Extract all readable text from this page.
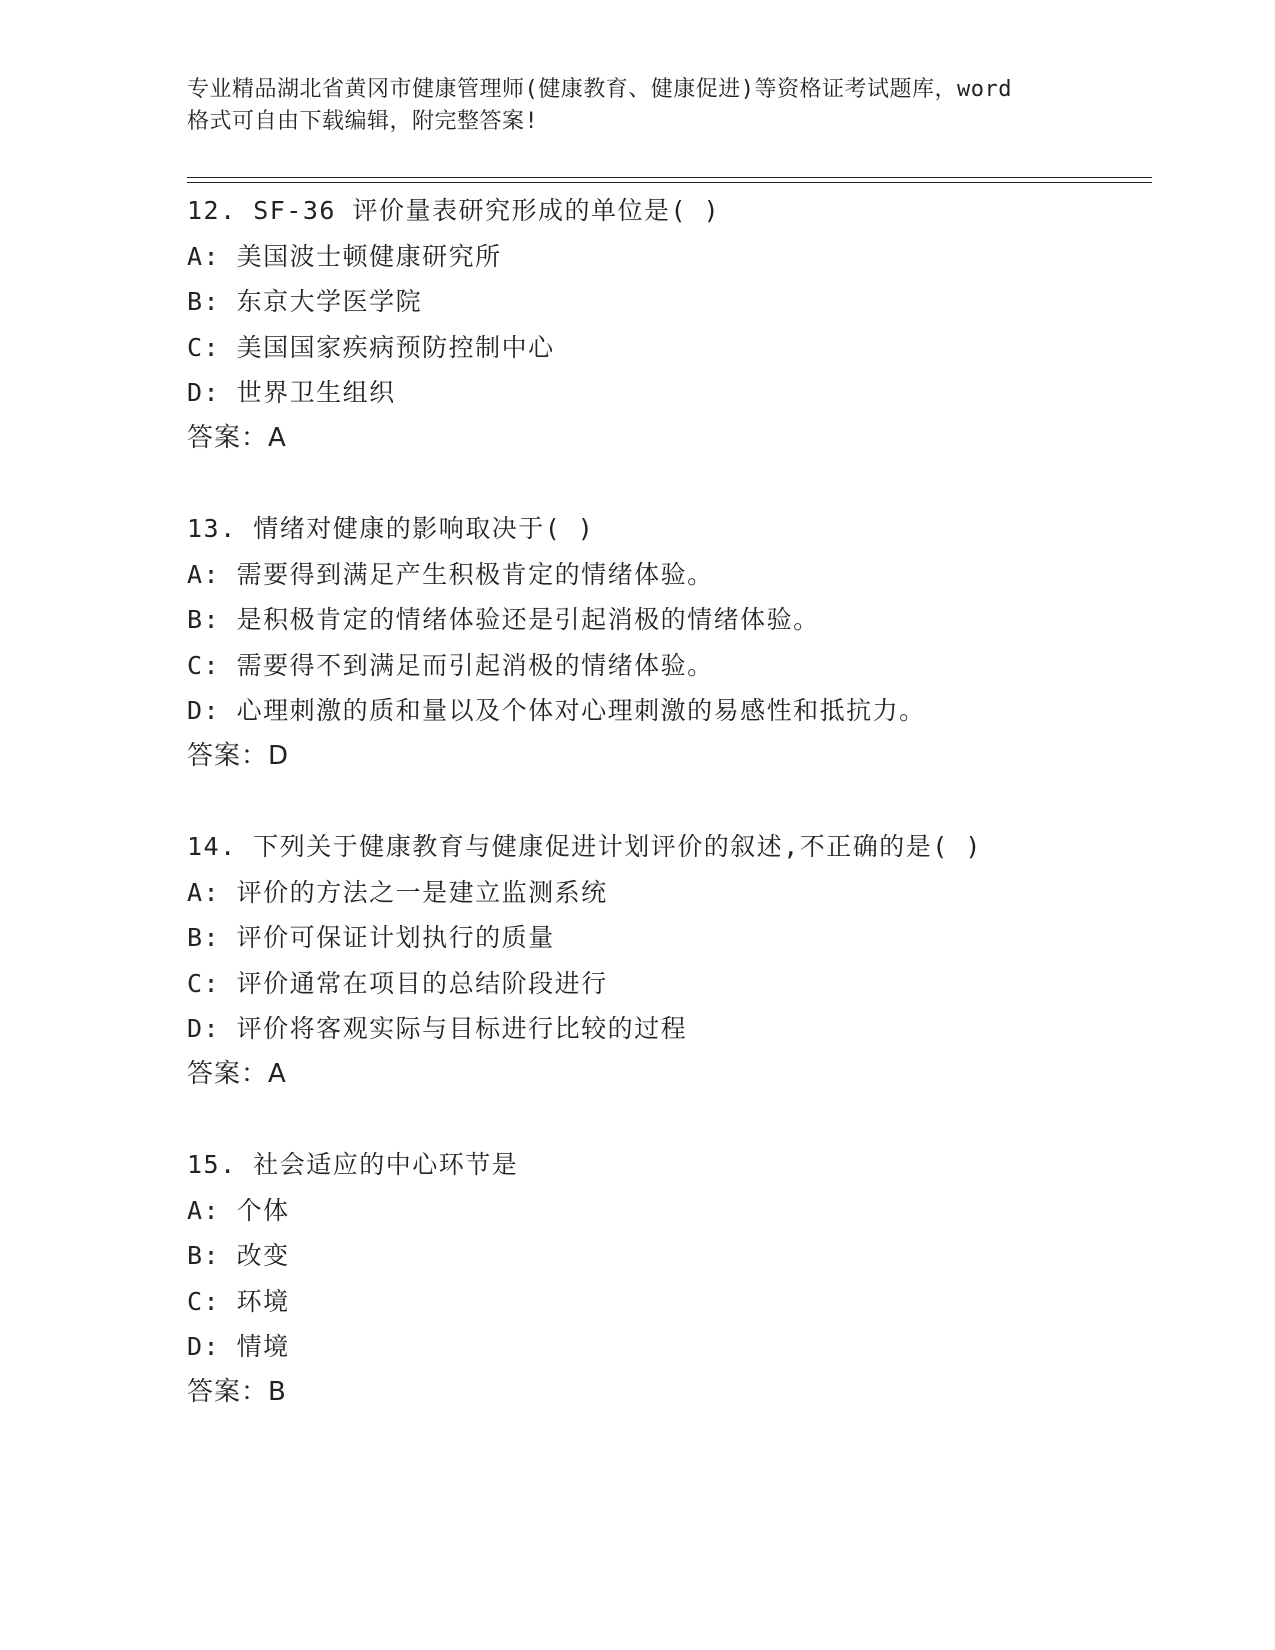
专业精品湖北省黄冈市健康管理师(健康教育、健康促进)等资格证考试题库，word
格式可自由下载编辑，附完整答案!
12. SF-36 评价量表研究形成的单位是( )
A: 美国波士顿健康研究所
B: 东京大学医学院
C: 美国国家疾病预防控制中心
D: 世界卫生组织
答案：A
13. 情绪对健康的影响取决于( )
A: 需要得到满足产生积极肯定的情绪体验。
B: 是积极肯定的情绪体验还是引起消极的情绪体验。
C: 需要得不到满足而引起消极的情绪体验。
D: 心理刺激的质和量以及个体对心理刺激的易感性和抵抗力。
答案：D
14. 下列关于健康教育与健康促进计划评价的叙述,不正确的是( )
A: 评价的方法之一是建立监测系统
B: 评价可保证计划执行的质量
C: 评价通常在项目的总结阶段进行
D: 评价将客观实际与目标进行比较的过程
答案：A
15. 社会适应的中心环节是
A: 个体
B: 改变
C: 环境
D: 情境
答案：B
